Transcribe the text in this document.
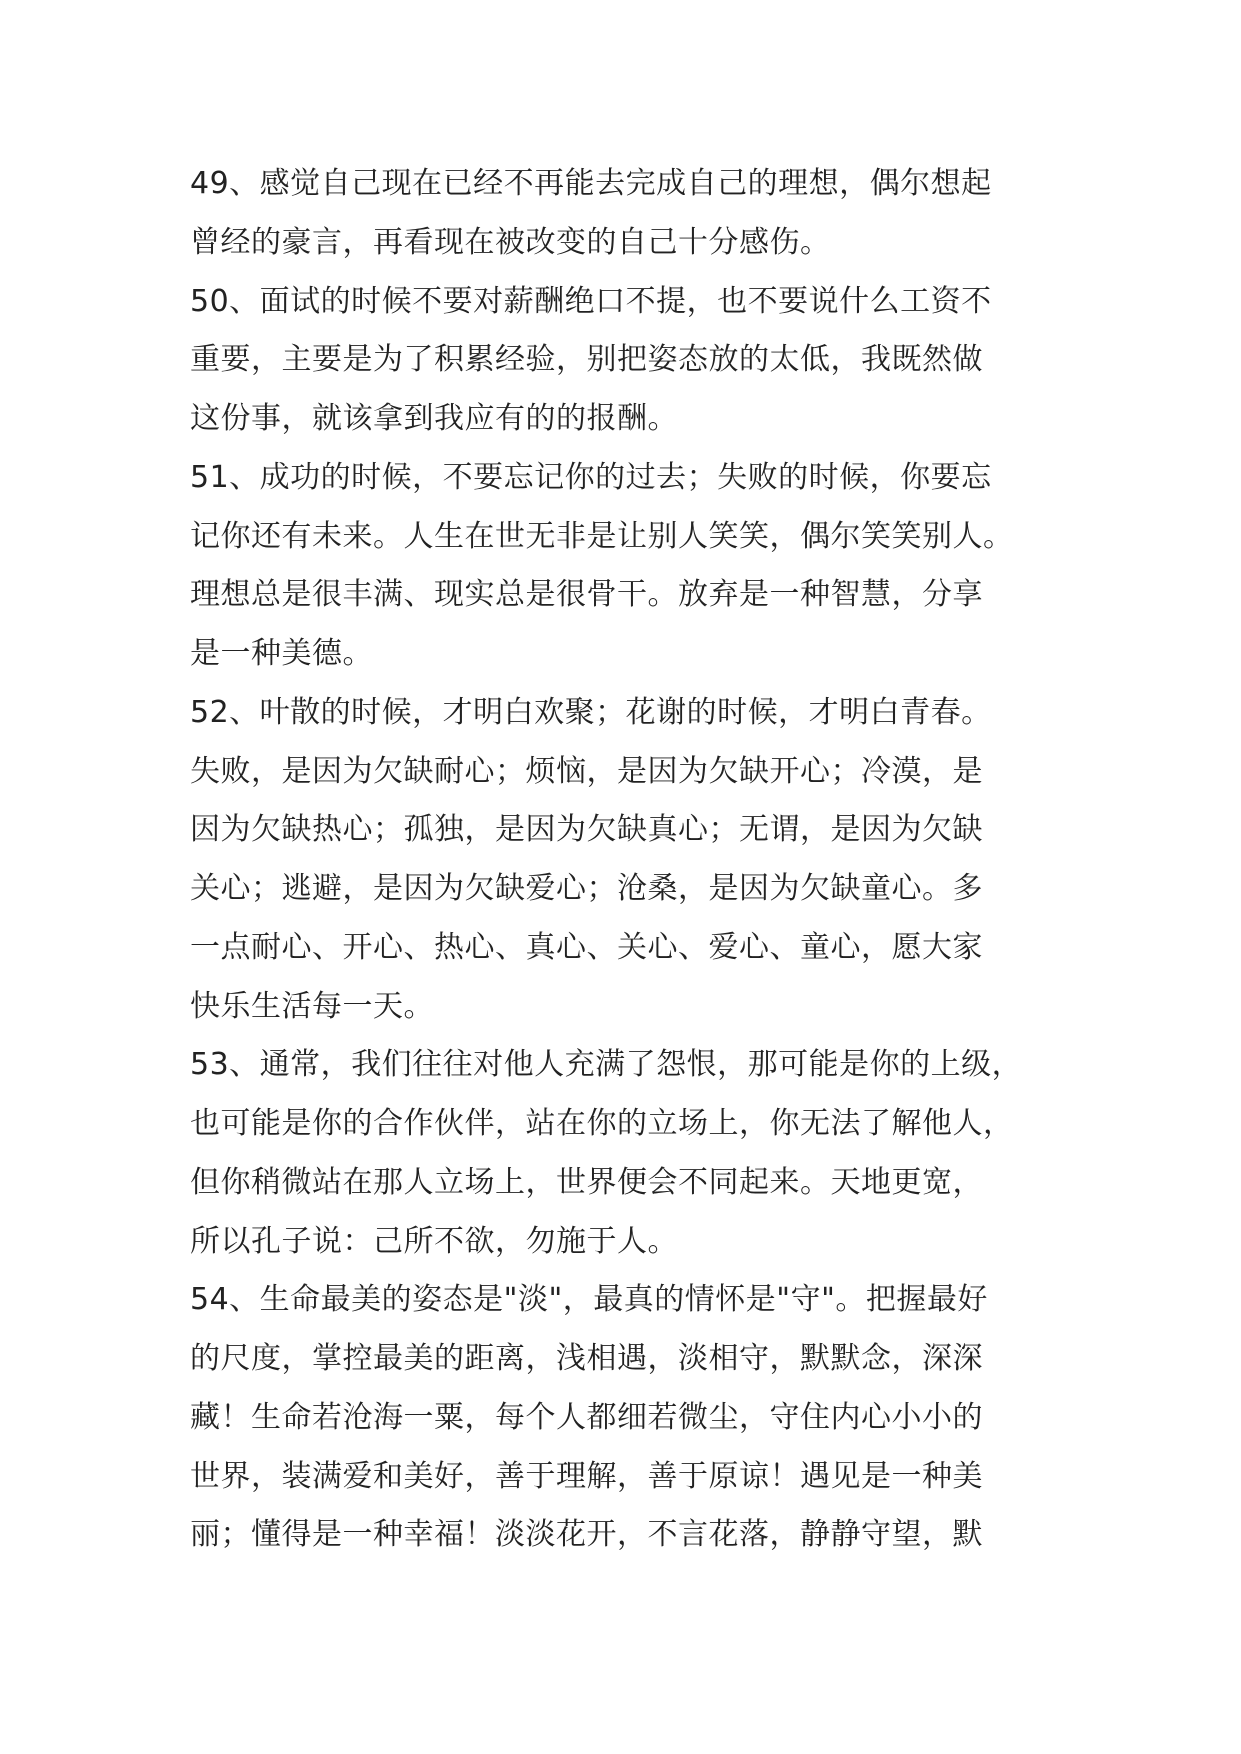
49、感觉自己现在已经不再能去完成自己的理想，偶尔想起
曾经的豪言，再看现在被改变的自己十分感伤。
50、面试的时候不要对薪酬绝口不提，也不要说什么工资不
重要，主要是为了积累经验，别把姿态放的太低，我既然做
这份事，就该拿到我应有的的报酬。
51、成功的时候，不要忘记你的过去；失败的时候，你要忘
记你还有未来。人生在世无非是让别人笑笑，偶尔笑笑别人。
理想总是很丰满、现实总是很骨干。放弃是一种智慧，分享
是一种美德。
52、叶散的时候，才明白欢聚；花谢的时候，才明白青春。
失败，是因为欠缺耐心；烦恼，是因为欠缺开心；冷漠，是
因为欠缺热心；孤独，是因为欠缺真心；无谓，是因为欠缺
关心；逃避，是因为欠缺爱心；沧桑，是因为欠缺童心。多
一点耐心、开心、热心、真心、关心、爱心、童心，愿大家
快乐生活每一天。
53、通常，我们往往对他人充满了怨恨，那可能是你的上级，
也可能是你的合作伙伴，站在你的立场上，你无法了解他人，
但你稍微站在那人立场上，世界便会不同起来。天地更宽，
所以孔子说：己所不欲，勿施于人。
54、生命最美的姿态是"淡"，最真的情怀是"守"。把握最好
的尺度，掌控最美的距离，浅相遇，淡相守，默默念，深深
藏！生命若沧海一粟，每个人都细若微尘，守住内心小小的
世界，装满爱和美好，善于理解，善于原谅！遇见是一种美
丽；懂得是一种幸福！淡淡花开，不言花落，静静守望，默
